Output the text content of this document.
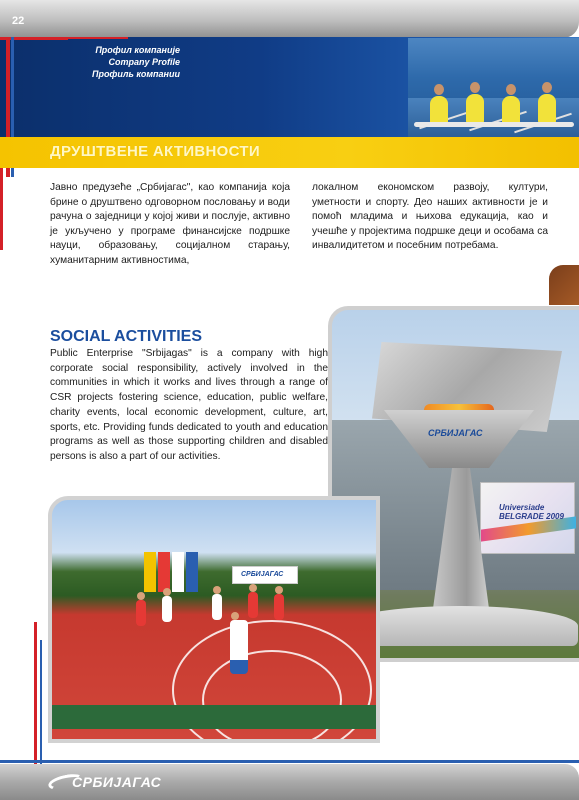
22
Профил компаније
Company Profile
Профиль компании
ДРУШТВЕНЕ АКТИВНОСТИ

Јавно предузеће „Србијагас", као компанија која брине о друштвено одговорном пословању и води рачуна о заједници у којој живи и послује, активно је укључено у програме финансијске подршке науци, образовању, социјалном старању, хуманитарним активностима,

локалном економском развоју, култури, уметности и спорту. Део наших активности је и помоћ младима и њихова едукација, као и учешће у пројектима подршке деци и особама са инвалидитетом и посебним потребама.

SOCIAL ACTIVITIES

Public Enterprise "Srbijagas" is a company with high corporate social responsibility, actively involved in the communities in which it works and lives through a range of CSR projects fostering science, education, public welfare, charity events, local economic development, culture, art, sports, etc. Providing funds dedicated to youth and education programs as well as those supporting children and disabled persons is also a part of our activities.

Universiade BELGRADE 2009
СРБИЈАГАС
СРБИЈАГАС
СРБИЈАГАС
